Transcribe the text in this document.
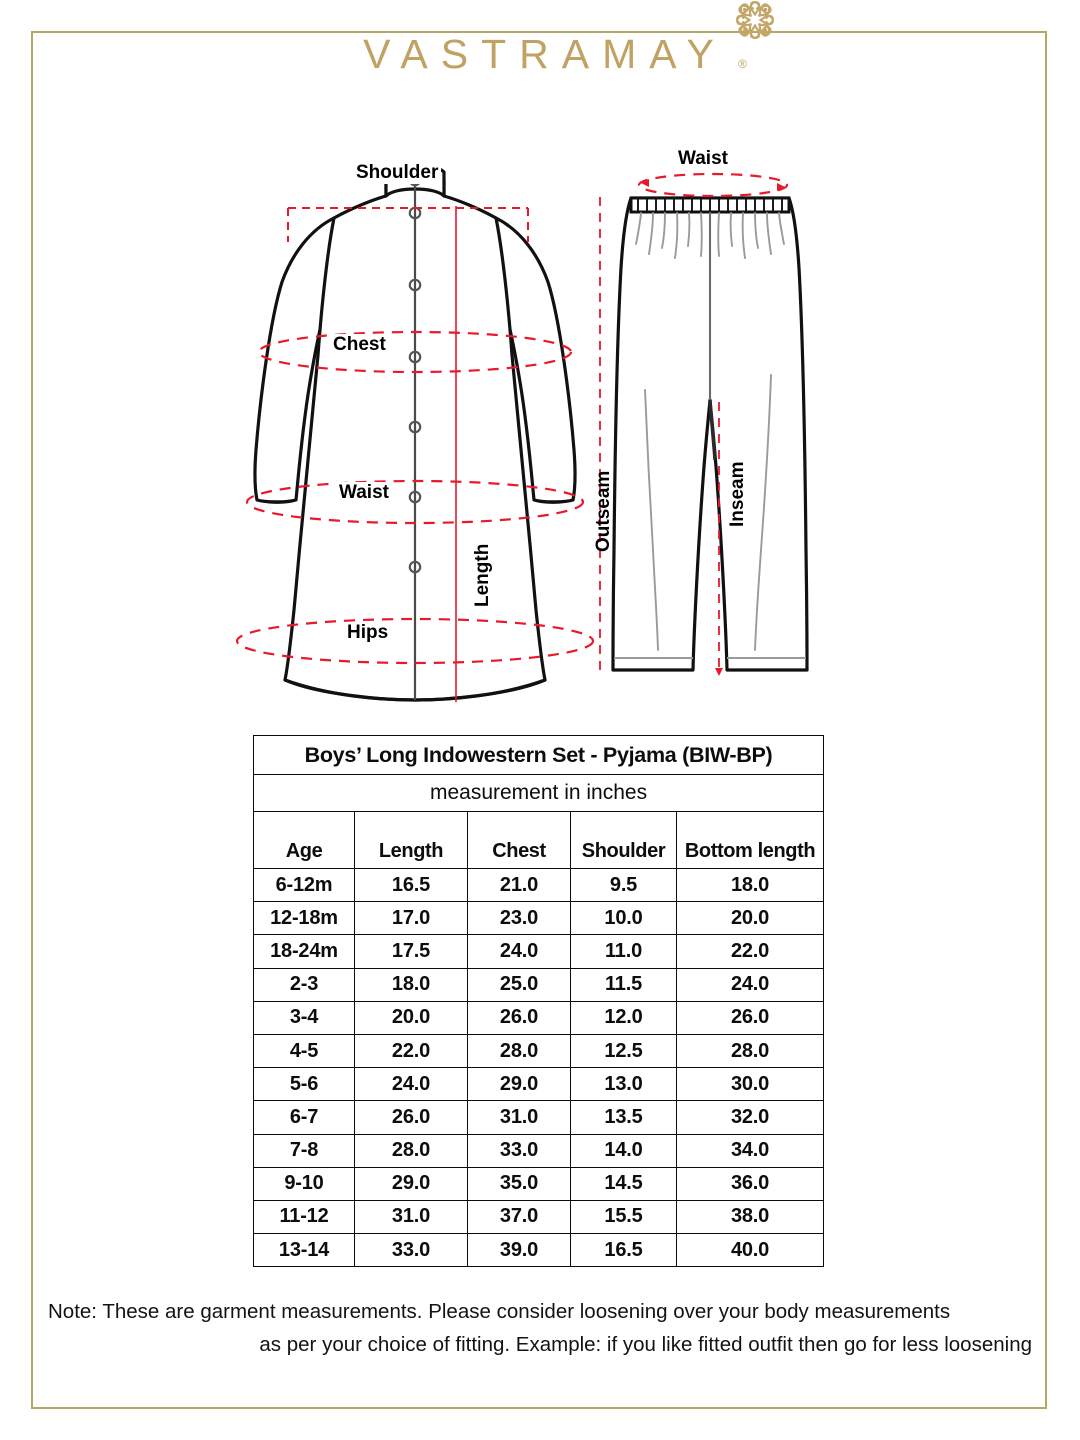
VASTRAMAY ®
Shoulder
Chest
Waist
Hips
Length
Waist
Outseam	Inseam
Boys’ Long Indowestern Set - Pyjama (BIW-BP)				
measurement in inches				
Age	Length	Chest	Shoulder	Bottom length
6-12m	16.5	21.0	9.5	18.0
12-18m	17.0	23.0	10.0	20.0
18-24m	17.5	24.0	11.0	22.0
2-3	18.0	25.0	11.5	24.0
3-4	20.0	26.0	12.0	26.0
4-5	22.0	28.0	12.5	28.0
5-6	24.0	29.0	13.0	30.0
6-7	26.0	31.0	13.5	32.0
7-8	28.0	33.0	14.0	34.0
9-10	29.0	35.0	14.5	36.0
11-12	31.0	37.0	15.5	38.0
13-14	33.0	39.0	16.5	40.0
Note: These are garment measurements. Please consider loosening over your body measurements
as per your choice of fitting. Example: if you like fitted outfit then go for less loosening
